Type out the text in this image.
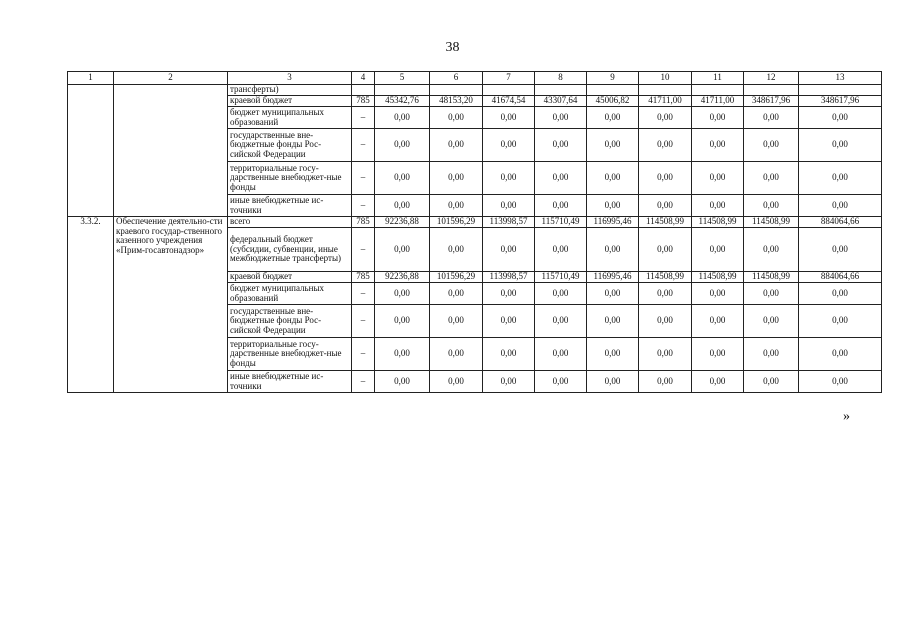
38
1	2	3	4	5	6	7	8	9	10	11	12	13
		трансферты)										
		краевой бюджет	785	45342,76	48153,20	41674,54	43307,64	45006,82	41711,00	41711,00	348617,96	348617,96
		бюджет муниципальных образований	–	0,00	0,00	0,00	0,00	0,00	0,00	0,00	0,00	0,00
		государственные вне-бюджетные фонды Рос-сийской Федерации	–	0,00	0,00	0,00	0,00	0,00	0,00	0,00	0,00	0,00
		территориальные госу-дарственные внебюджет-ные фонды	–	0,00	0,00	0,00	0,00	0,00	0,00	0,00	0,00	0,00
		иные внебюджетные ис-точники	–	0,00	0,00	0,00	0,00	0,00	0,00	0,00	0,00	0,00
3.3.2.	Обеспечение деятельно-сти краевого государ-ственного казенного учреждения «Прим-госавтонадзор»	всего	785	92236,88	101596,29	113998,57	115710,49	116995,46	114508,99	114508,99	114508,99	884064,66
		федеральный бюджет (субсидии, субвенции, иные межбюджетные трансферты)	–	0,00	0,00	0,00	0,00	0,00	0,00	0,00	0,00	0,00
		краевой бюджет	785	92236,88	101596,29	113998,57	115710,49	116995,46	114508,99	114508,99	114508,99	884064,66
		бюджет муниципальных образований	–	0,00	0,00	0,00	0,00	0,00	0,00	0,00	0,00	0,00
		государственные вне-бюджетные фонды Рос-сийской Федерации	–	0,00	0,00	0,00	0,00	0,00	0,00	0,00	0,00	0,00
		территориальные госу-дарственные внебюджет-ные фонды	–	0,00	0,00	0,00	0,00	0,00	0,00	0,00	0,00	0,00
		иные внебюджетные ис-точники	–	0,00	0,00	0,00	0,00	0,00	0,00	0,00	0,00	0,00
»
